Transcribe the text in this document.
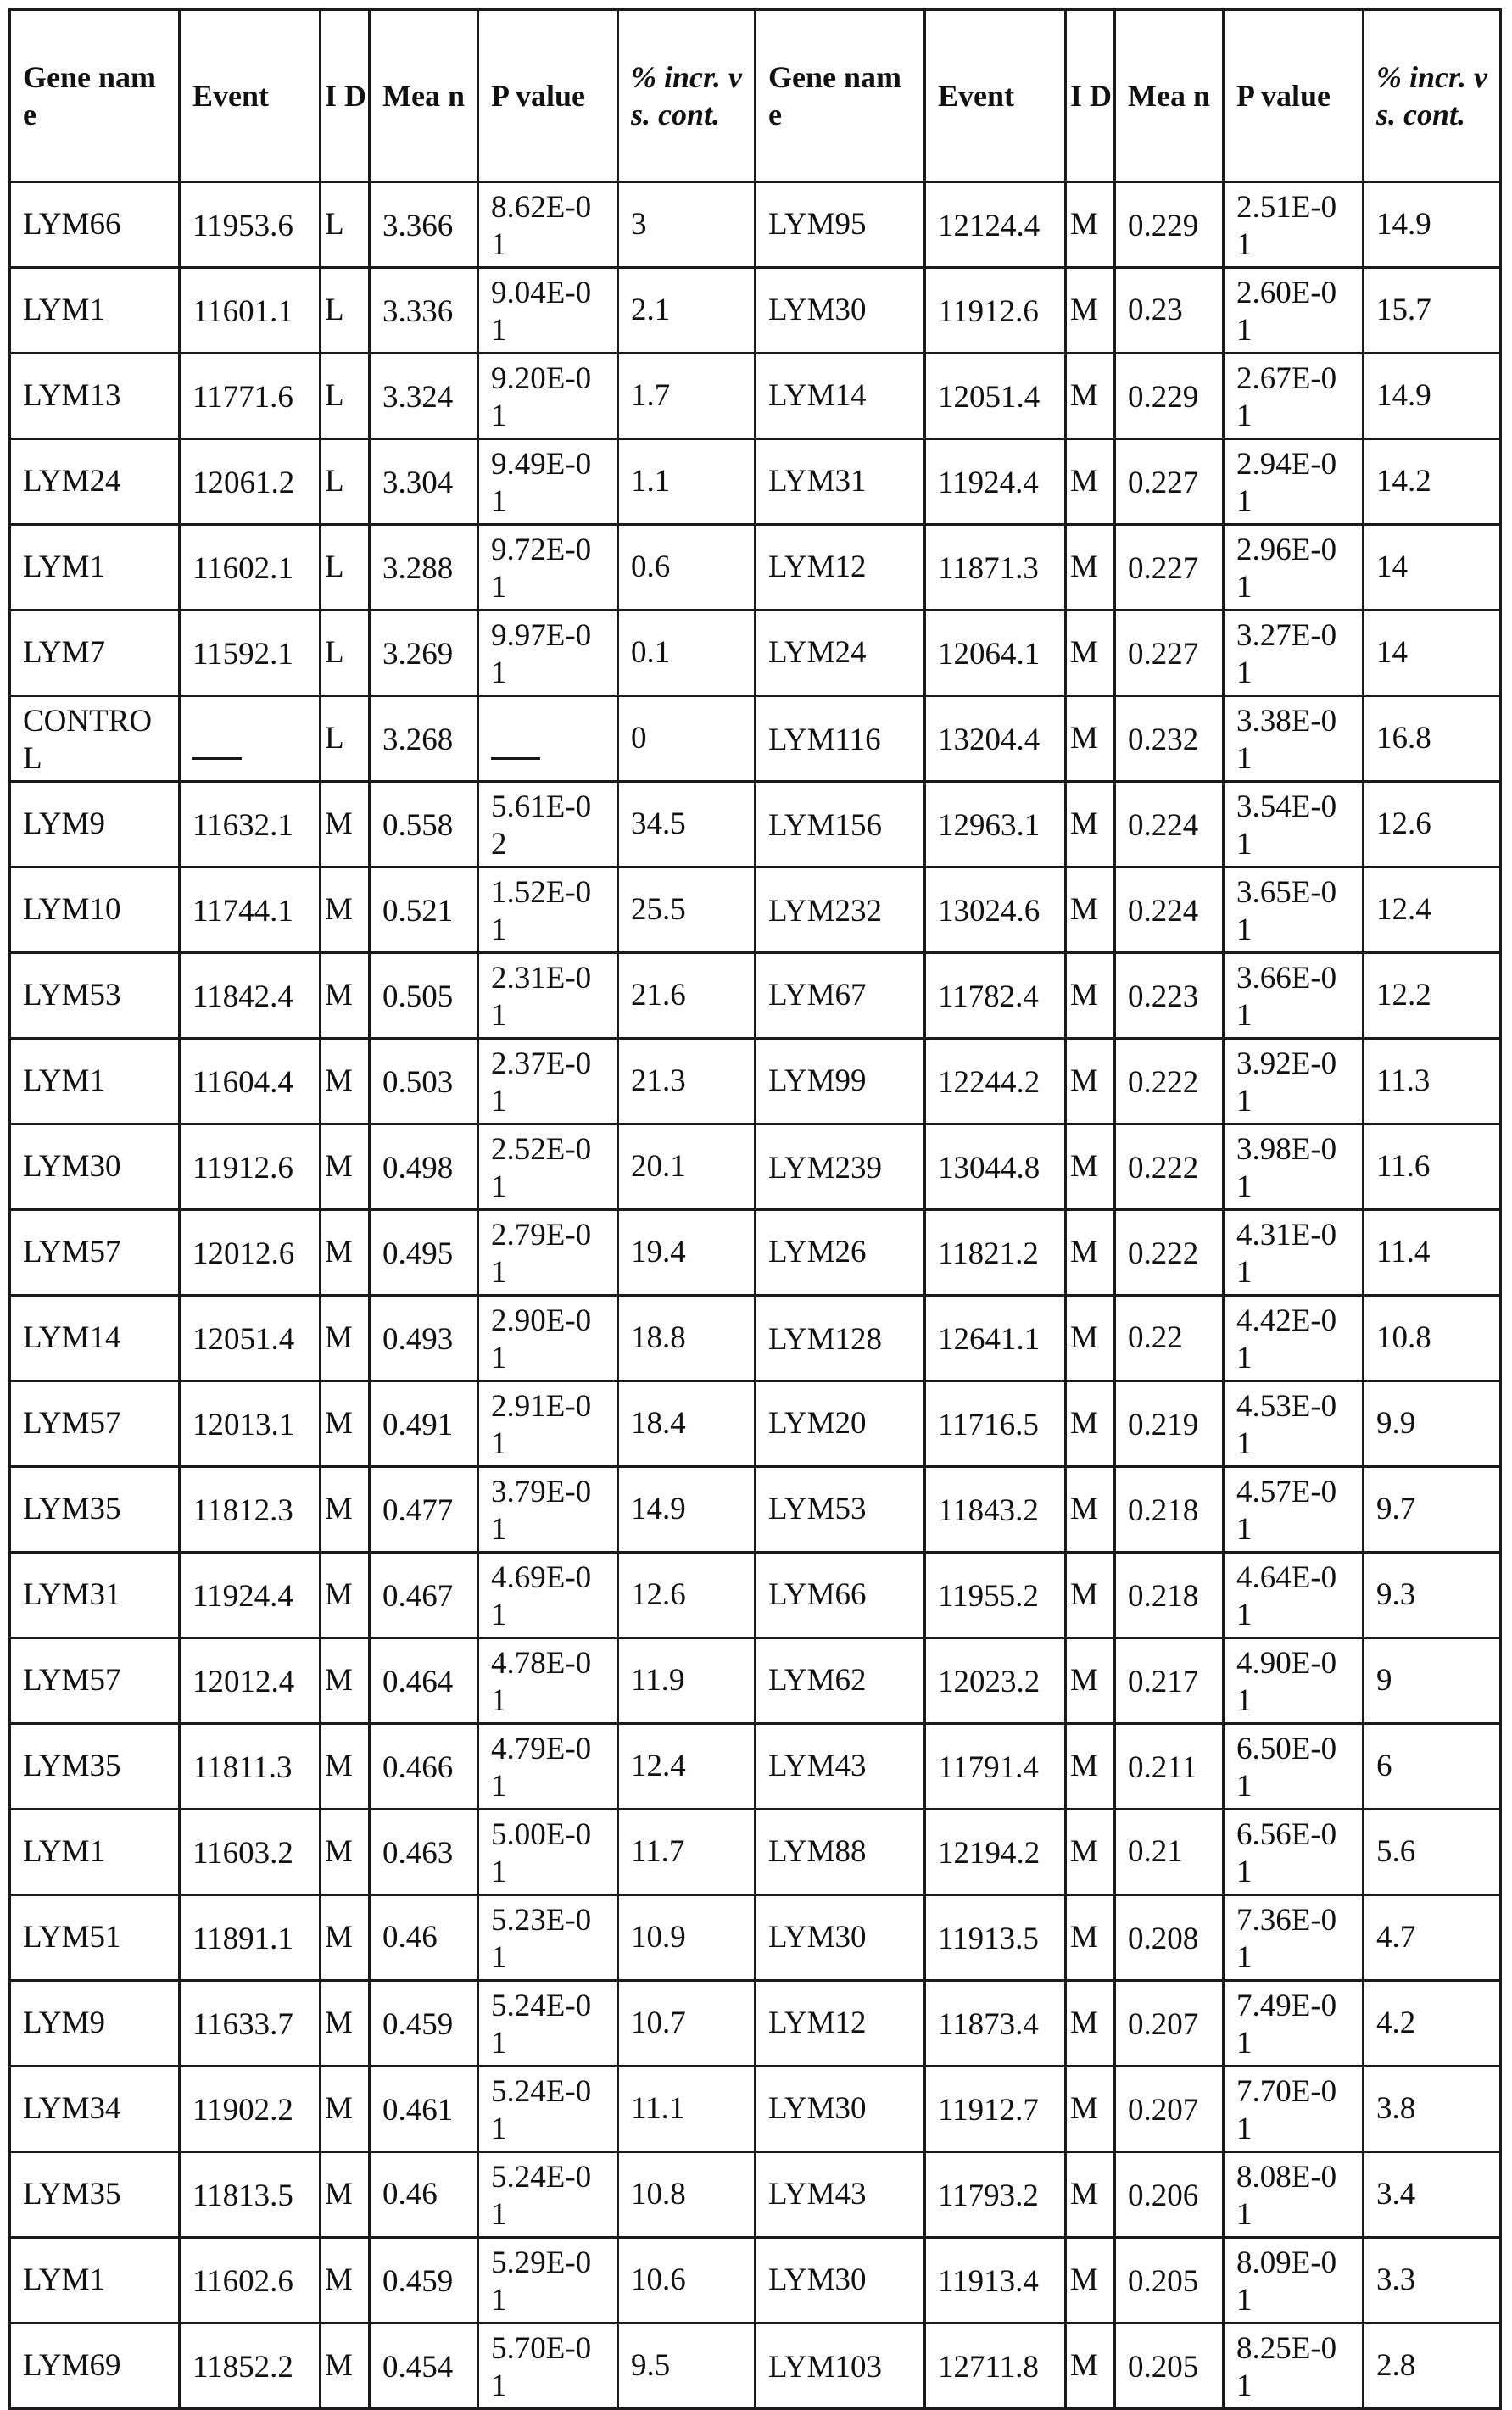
Gene name	Event	I D	Mea n	P value	% incr. vs. cont.	Gene name	Event	I D	Mea n	P value	% incr. vs. cont.
LYM66	11953.6	L	3.366	8.62E-01	3	LYM95	12124.4	M	0.229	2.51E-01	14.9
LYM1	11601.1	L	3.336	9.04E-01	2.1	LYM30	11912.6	M	0.23	2.60E-01	15.7
LYM13	11771.6	L	3.324	9.20E-01	1.7	LYM14	12051.4	M	0.229	2.67E-01	14.9
LYM24	12061.2	L	3.304	9.49E-01	1.1	LYM31	11924.4	M	0.227	2.94E-01	14.2
LYM1	11602.1	L	3.288	9.72E-01	0.6	LYM12	11871.3	M	0.227	2.96E-01	14
LYM7	11592.1	L	3.269	9.97E-01	0.1	LYM24	12064.1	M	0.227	3.27E-01	14
CONTROL		L	3.268		0	LYM116	13204.4	M	0.232	3.38E-01	16.8
LYM9	11632.1	M	0.558	5.61E-02	34.5	LYM156	12963.1	M	0.224	3.54E-01	12.6
LYM10	11744.1	M	0.521	1.52E-01	25.5	LYM232	13024.6	M	0.224	3.65E-01	12.4
LYM53	11842.4	M	0.505	2.31E-01	21.6	LYM67	11782.4	M	0.223	3.66E-01	12.2
LYM1	11604.4	M	0.503	2.37E-01	21.3	LYM99	12244.2	M	0.222	3.92E-01	11.3
LYM30	11912.6	M	0.498	2.52E-01	20.1	LYM239	13044.8	M	0.222	3.98E-01	11.6
LYM57	12012.6	M	0.495	2.79E-01	19.4	LYM26	11821.2	M	0.222	4.31E-01	11.4
LYM14	12051.4	M	0.493	2.90E-01	18.8	LYM128	12641.1	M	0.22	4.42E-01	10.8
LYM57	12013.1	M	0.491	2.91E-01	18.4	LYM20	11716.5	M	0.219	4.53E-01	9.9
LYM35	11812.3	M	0.477	3.79E-01	14.9	LYM53	11843.2	M	0.218	4.57E-01	9.7
LYM31	11924.4	M	0.467	4.69E-01	12.6	LYM66	11955.2	M	0.218	4.64E-01	9.3
LYM57	12012.4	M	0.464	4.78E-01	11.9	LYM62	12023.2	M	0.217	4.90E-01	9
LYM35	11811.3	M	0.466	4.79E-01	12.4	LYM43	11791.4	M	0.211	6.50E-01	6
LYM1	11603.2	M	0.463	5.00E-01	11.7	LYM88	12194.2	M	0.21	6.56E-01	5.6
LYM51	11891.1	M	0.46	5.23E-01	10.9	LYM30	11913.5	M	0.208	7.36E-01	4.7
LYM9	11633.7	M	0.459	5.24E-01	10.7	LYM12	11873.4	M	0.207	7.49E-01	4.2
LYM34	11902.2	M	0.461	5.24E-01	11.1	LYM30	11912.7	M	0.207	7.70E-01	3.8
LYM35	11813.5	M	0.46	5.24E-01	10.8	LYM43	11793.2	M	0.206	8.08E-01	3.4
LYM1	11602.6	M	0.459	5.29E-01	10.6	LYM30	11913.4	M	0.205	8.09E-01	3.3
LYM69	11852.2	M	0.454	5.70E-01	9.5	LYM103	12711.8	M	0.205	8.25E-01	2.8
